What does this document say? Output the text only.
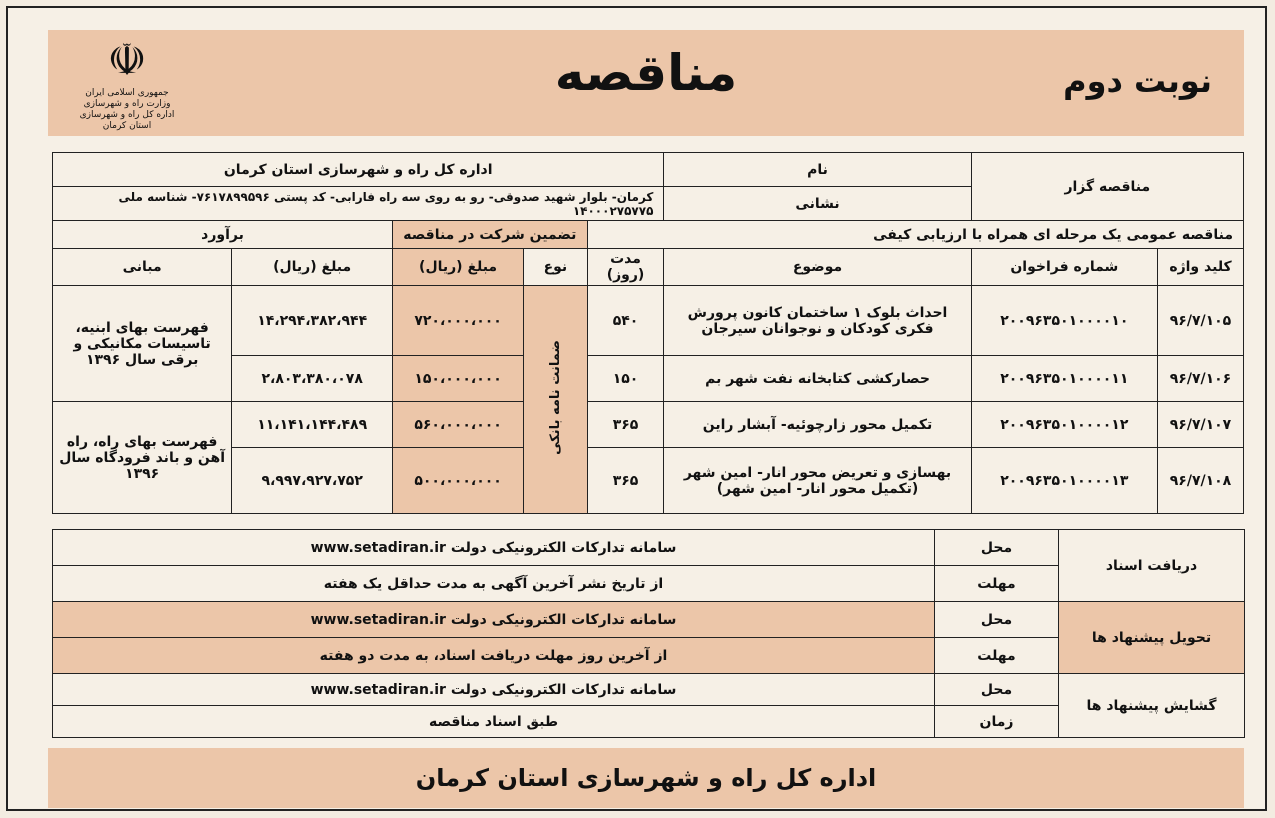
☫
جمهوری اسلامی ایران
وزارت راه و شهرسازی
اداره کل راه و شهرسازی
استان کرمان
مناقصه	نوبت دوم
مناقصه گزار		نام	اداره کل راه و شهرسازی استان کرمان				
		نشانی	کرمان- بلوار شهید صدوقی- رو به روی سه راه فارابی- کد پستی ۷۶۱۷۸۹۹۵۹۶- شناسه ملی ۱۴۰۰۰۲۷۵۷۷۵				
مناقصه عمومی یک مرحله ای همراه با ارزیابی کیفی				تضمین شرکت در مناقصه		برآورد	
کلید واژه	شماره فراخوان	موضوع	مدت (روز)	نوع	مبلغ (ریال)	مبلغ (ریال)	مبانی
۹۶/۷/۱۰۵	۲۰۰۹۶۳۵۰۱۰۰۰۰۱۰	احداث بلوک ۱ ساختمان کانون پرورش فکری کودکان و نوجوانان سیرجان	۵۴۰	ضمانت نامه بانکی	۷۲۰،۰۰۰،۰۰۰	۱۴،۲۹۴،۳۸۲،۹۴۴	فهرست بهای ابنیه، تاسیسات مکانیکی و برقی سال ۱۳۹۶
۹۶/۷/۱۰۶	۲۰۰۹۶۳۵۰۱۰۰۰۰۱۱	حصارکشی کتابخانه نفت شهر بم	۱۵۰		۱۵۰،۰۰۰،۰۰۰	۲،۸۰۳،۳۸۰،۰۷۸	
۹۶/۷/۱۰۷	۲۰۰۹۶۳۵۰۱۰۰۰۰۱۲	تکمیل محور زارچوئیه- آبشار راین	۳۶۵		۵۶۰،۰۰۰،۰۰۰	۱۱،۱۴۱،۱۴۴،۴۸۹	فهرست بهای راه، راه آهن و باند فرودگاه سال ۱۳۹۶
۹۶/۷/۱۰۸	۲۰۰۹۶۳۵۰۱۰۰۰۰۱۳	بهسازی و تعریض محور انار- امین شهر (تکمیل محور انار- امین شهر)	۳۶۵		۵۰۰،۰۰۰،۰۰۰	۹،۹۹۷،۹۲۷،۷۵۲	
دریافت اسناد	محل	سامانه تدارکات الکترونیکی دولت www.setadiran.ir
	مهلت	از تاریخ نشر آخرین آگهی به مدت حداقل یک هفته
تحویل پیشنهاد ها	محل	سامانه تدارکات الکترونیکی دولت www.setadiran.ir
	مهلت	از آخرین روز مهلت دریافت اسناد، به مدت دو هفته
گشایش پیشنهاد ها	محل	سامانه تدارکات الکترونیکی دولت www.setadiran.ir
	زمان	طبق اسناد مناقصه
اداره کل راه و شهرسازی استان کرمان
